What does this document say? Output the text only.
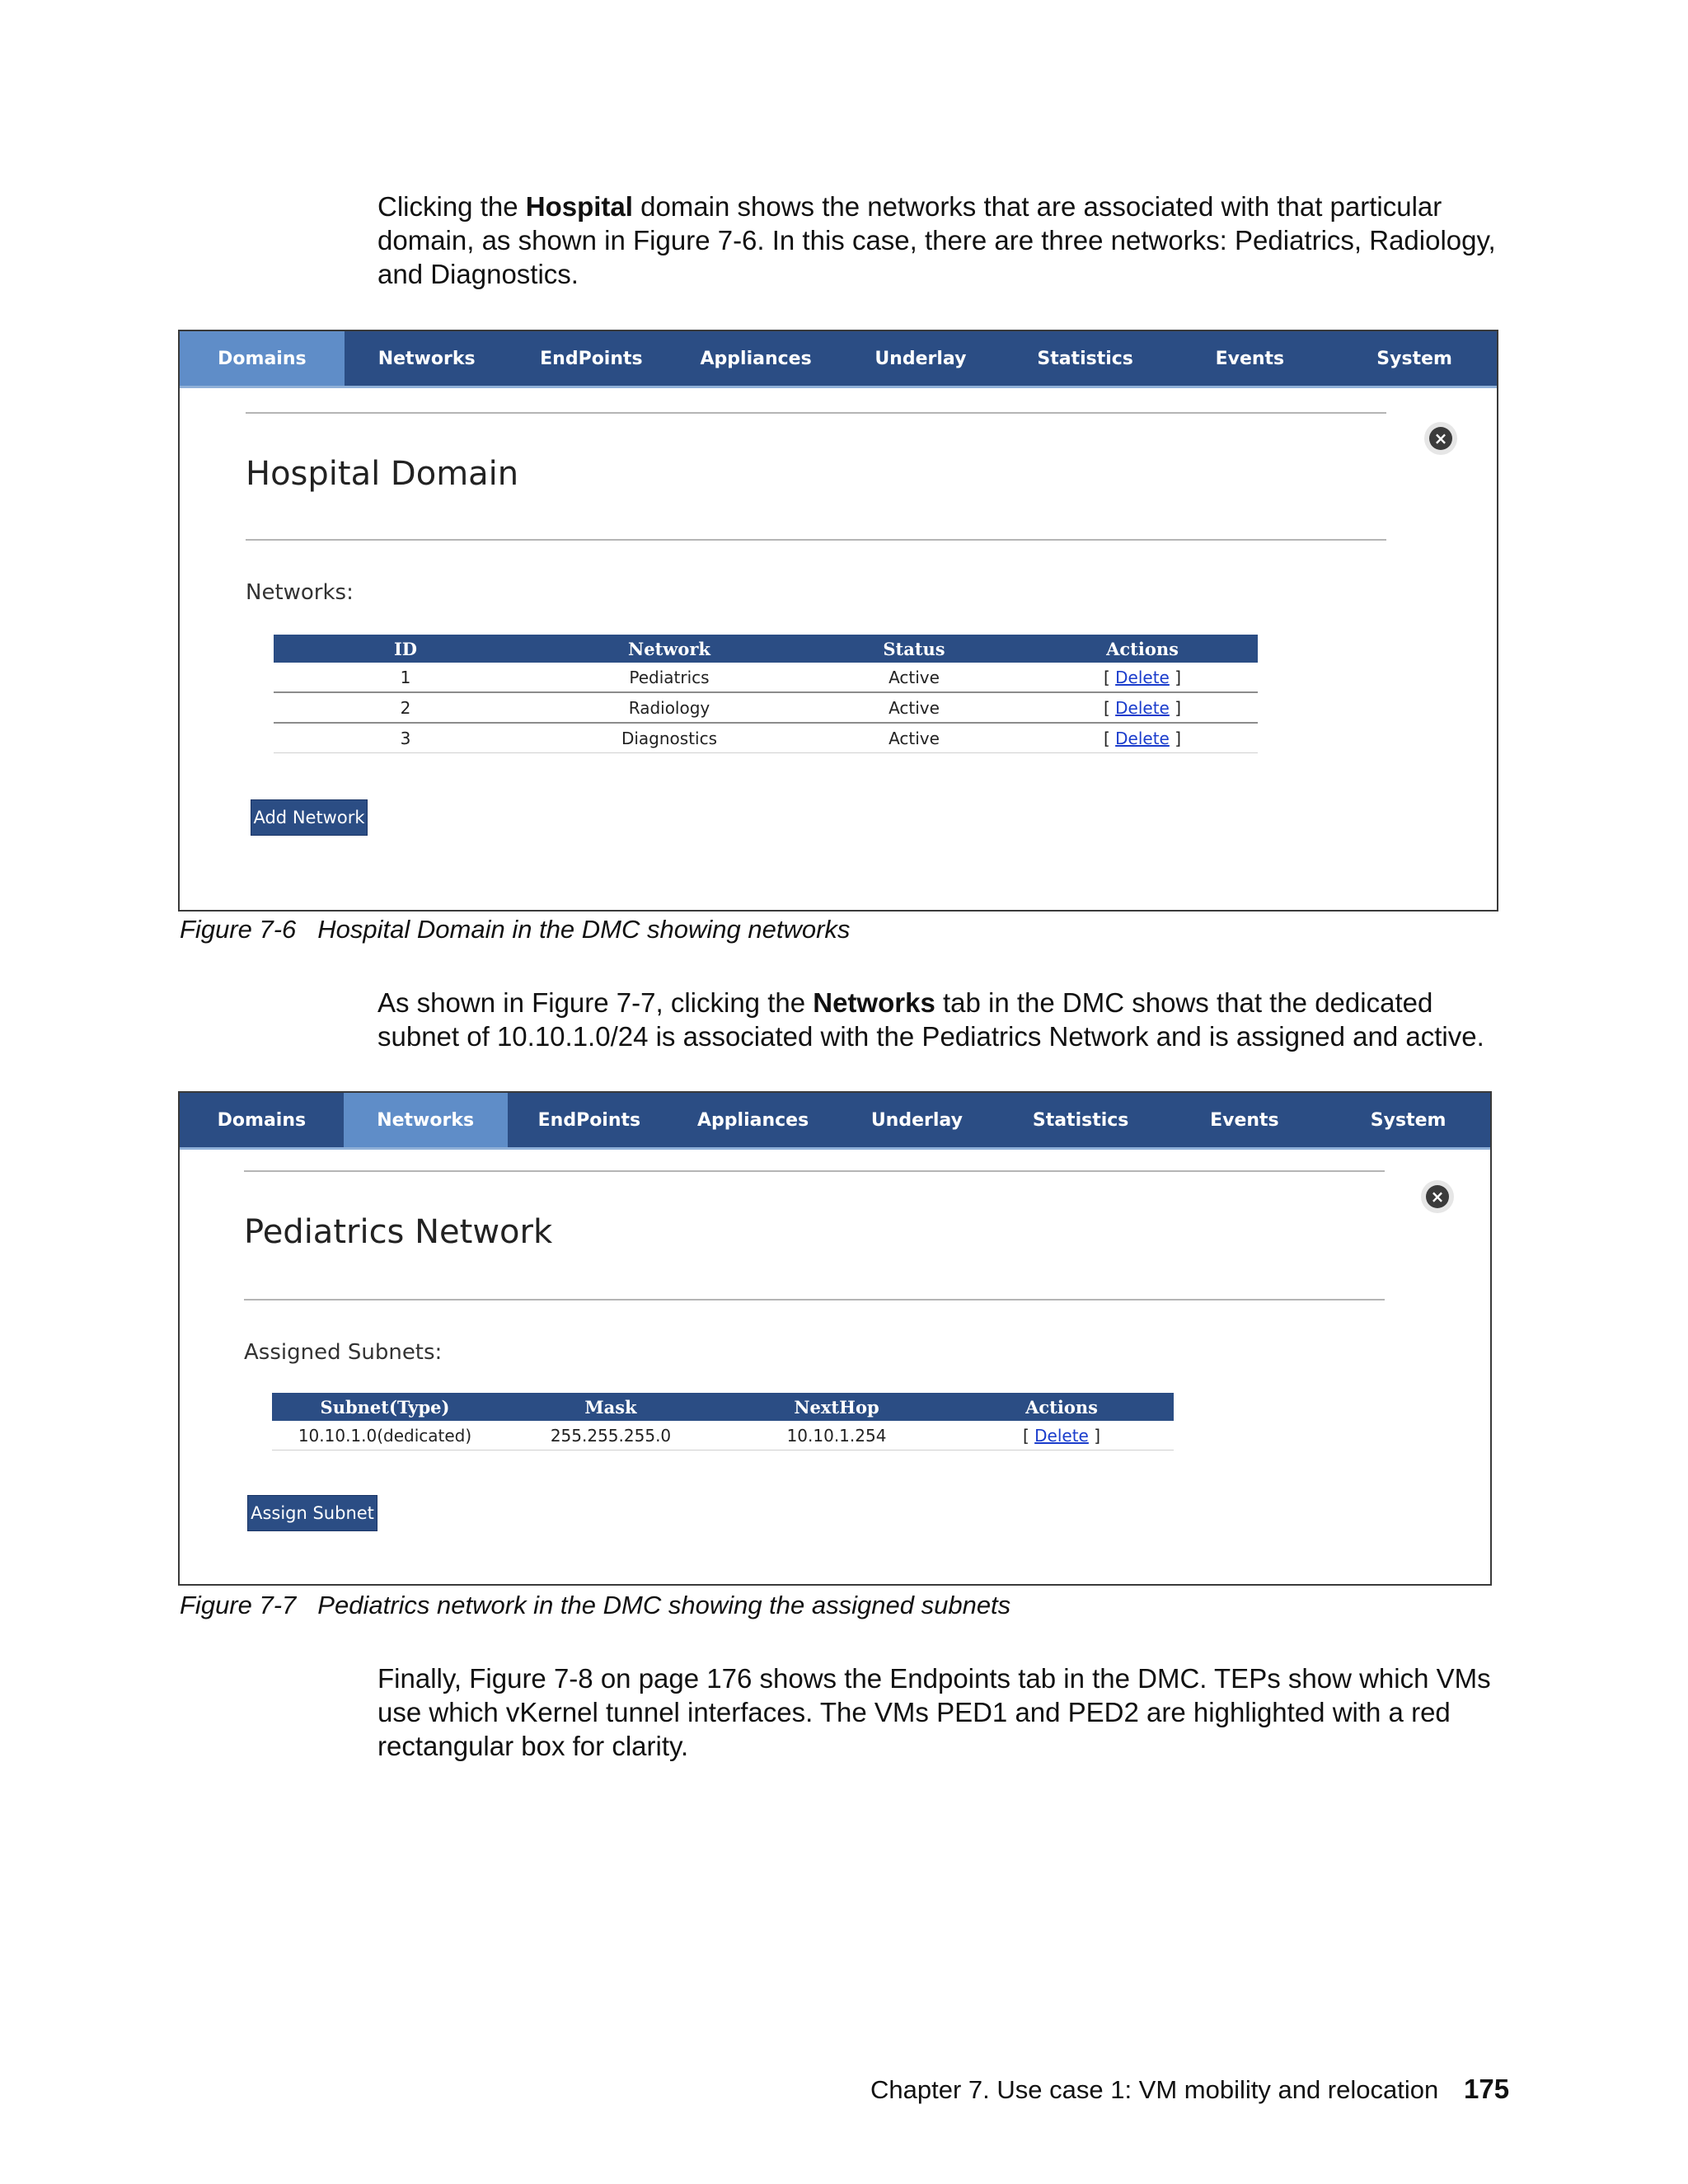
Clicking the Hospital domain shows the networks that are associated with that particular domain, as shown in Figure 7-6. In this case, there are three networks: Pediatrics, Radiology, and Diagnostics.
Domains	Networks	EndPoints	Appliances	Underlay	Statistics	Events	System
×
Hospital Domain
Networks:
ID	Network	Status	Actions
1	Pediatrics	Active	[ Delete ]
2	Radiology	Active	[ Delete ]
3	Diagnostics	Active	[ Delete ]
Add Network
Figure 7-6 Hospital Domain in the DMC showing networks
As shown in Figure 7-7, clicking the Networks tab in the DMC shows that the dedicated subnet of 10.10.1.0/24 is associated with the Pediatrics Network and is assigned and active.
Domains	Networks	EndPoints	Appliances	Underlay	Statistics	Events	System
×
Pediatrics Network
Assigned Subnets:
Subnet(Type)	Mask	NextHop	Actions
10.10.1.0(dedicated)	255.255.255.0	10.10.1.254	[ Delete ]
Assign Subnet
Figure 7-7 Pediatrics network in the DMC showing the assigned subnets
Finally, Figure 7-8 on page 176 shows the Endpoints tab in the DMC. TEPs show which VMs use which vKernel tunnel interfaces. The VMs PED1 and PED2 are highlighted with a red rectangular box for clarity.
Chapter 7. Use case 1: VM mobility and relocation 175
